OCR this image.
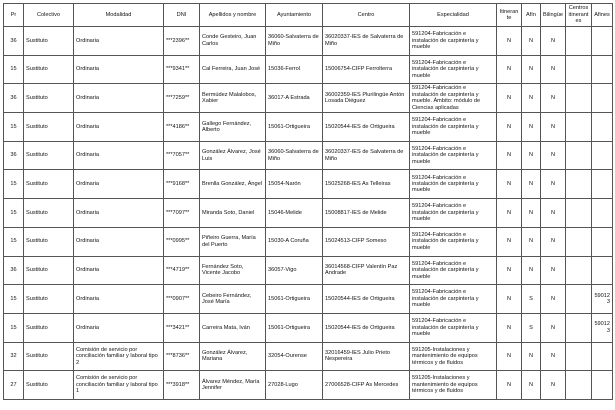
Pr	Colectivo	Modalidad	DNI	Apellidos y nombre	Ayuntamiento	Centro	Especialidad	Itinerante	Afín	Bilingüe	Centros itinerantes	Afines
36	Sustituto	Ordinaria	***2396**	Conde Gesteiro, Juan Carlos	36060-Salvaterra de Miño	36020337-IES de Salvaterra de Miño	591204-Fabricación e instalación de carpintería y mueble	N	N	N		
15	Sustituto	Ordinaria	***9341**	Cal Ferreira, Juan José	15036-Ferrol	15006754-CIFP Ferrolterra	591204-Fabricación e instalación de carpintería y mueble	N	N	N		
36	Sustituto	Ordinaria	***7259**	Bermúdez Malalobos, Xabier	36017-A Estrada	36002359-IES Plurilingüe Antón Losada Diéguez	591204-Fabricación e instalación de carpintería y mueble. Ámbito: módulo de Ciencias aplicadas	N	N	N		
15	Sustituto	Ordinaria	***4186**	Gallego Fernández, Alberto	15061-Ortigueira	15020544-IES de Ortigueira	591204-Fabricación e instalación de carpintería y mueble	N	N	N		
36	Sustituto	Ordinaria	***7057**	González Álvarez, José Luis	36060-Salvaterra de Miño	36020337-IES de Salvaterra de Miño	591204-Fabricación e instalación de carpintería y mueble	N	N	N		
15	Sustituto	Ordinaria	***9168**	Brenlla González, Ángel	15054-Narón	15025268-IES As Telleiras	591204-Fabricación e instalación de carpintería y mueble	N	N	N		
15	Sustituto	Ordinaria	***7097**	Miranda Soto, Daniel	15046-Melide	15008817-IES de Melide	591204-Fabricación e instalación de carpintería y mueble	N	N	N		
15	Sustituto	Ordinaria	***0995**	Piñeiro Guerra, María del Puerto	15030-A Coruña	15024513-CIFP Someso	591204-Fabricación e instalación de carpintería y mueble	N	N	N		
36	Sustituto	Ordinaria	***4719**	Fernández Soto, Vicente Jacobo	36057-Vigo	36014568-CIFP Valentín Paz Andrade	591204-Fabricación e instalación de carpintería y mueble	N	N	N		
15	Sustituto	Ordinaria	***0907**	Cebeiro Fernández, José María	15061-Ortigueira	15020544-IES de Ortigueira	591204-Fabricación e instalación de carpintería y mueble	N	S	N		590123
15	Sustituto	Ordinaria	***3421**	Carreira Mata, Iván	15061-Ortigueira	15020544-IES de Ortigueira	591204-Fabricación e instalación de carpintería y mueble	N	S	N		590123
32	Sustituto	Comisión de servicio por conciliación familiar y laboral tipo 2	***8736**	González Álvarez, Mariana	32054-Ourense	32016459-IES Julio Prieto Nespereira	591205-Instalaciones y mantenimiento de equipos térmicos y de fluidos	N	N	N		
27	Sustituto	Comisión de servicio por conciliación familiar y laboral tipo 1	***3918**	Álvarez Méndez, María Jennifer	27028-Lugo	27006528-CIFP As Mercedes	591205-Instalaciones y mantenimiento de equipos térmicos y de fluidos	N	N	N		
